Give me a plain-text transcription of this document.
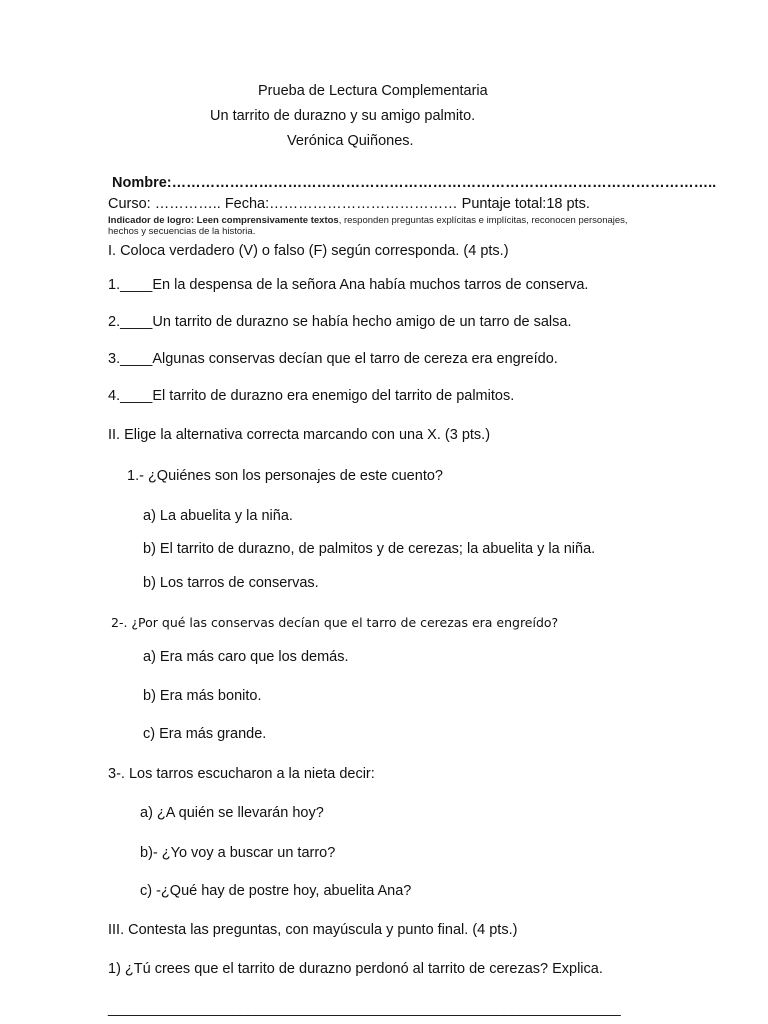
Prueba de Lectura Complementaria
Un tarrito de durazno y su amigo palmito.
Verónica Quiñones.
Nombre:…………………………………………………………………………………………………..
Curso: ………….. Fecha:………………………………… Puntaje total:18 pts.
Indicador de logro: Leen comprensivamente textos, responden preguntas explícitas e implícitas, reconocen personajes,
hechos y secuencias de la historia.
I. Coloca verdadero (V) o falso (F) según corresponda. (4 pts.)
1.____En la despensa de la señora Ana había muchos tarros de conserva.
2.____Un tarrito de durazno se había hecho amigo de un tarro de salsa.
3.____Algunas conservas decían que el tarro de cereza era engreído.
4.____El tarrito de durazno era enemigo del tarrito de palmitos.
II. Elige la alternativa correcta marcando con una X. (3 pts.)
1.- ¿Quiénes son los personajes de este cuento?
a) La abuelita y la niña.
b) El tarrito de durazno, de palmitos y de cerezas; la abuelita y la niña.
b) Los tarros de conservas.
2-. ¿Por qué las conservas decían que el tarro de cerezas era engreído?
a) Era más caro que los demás.
b) Era más bonito.
c) Era más grande.
3-. Los tarros escucharon a la nieta decir:
a) ¿A quién se llevarán hoy?
b)- ¿Yo voy a buscar un tarro?
c) -¿Qué hay de postre hoy, abuelita Ana?
III. Contesta las preguntas, con mayúscula y punto final. (4 pts.)
1) ¿Tú crees que el tarrito de durazno perdonó al tarrito de cerezas? Explica.
__________________________________________________________________
